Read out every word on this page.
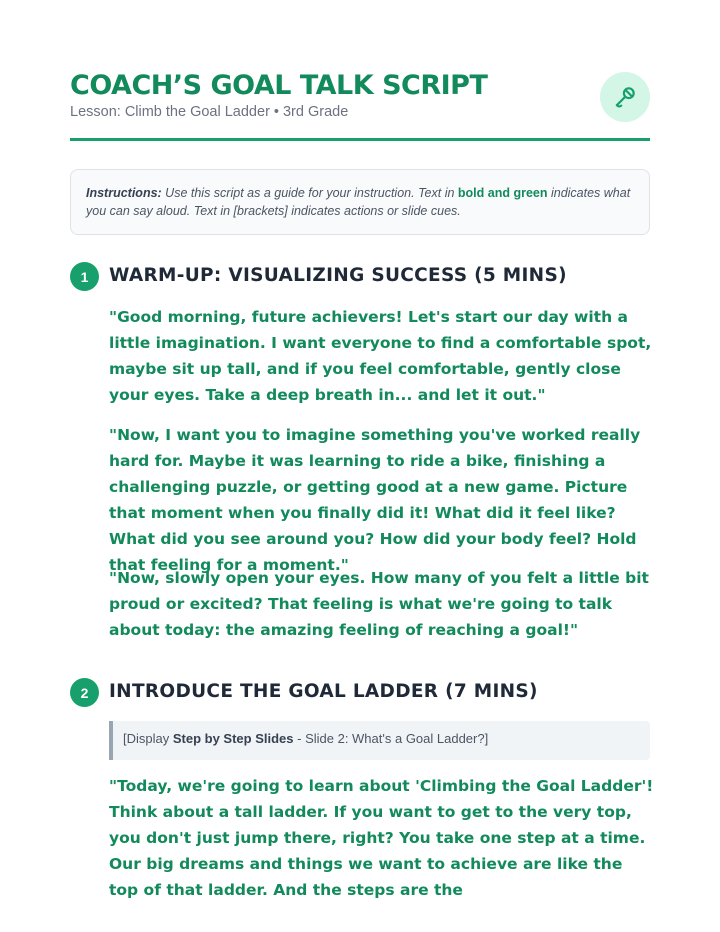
COACH’S GOAL TALK SCRIPT
Lesson: Climb the Goal Ladder • 3rd Grade
Instructions: Use this script as a guide for your instruction. Text in bold and green indicates what you can say aloud. Text in [brackets] indicates actions or slide cues.
1	WARM-UP: VISUALIZING SUCCESS (5 MINS)

"Good morning, future achievers! Let's start our day with a little imagination. I want everyone to find a comfortable spot, maybe sit up tall, and if you feel comfortable, gently close your eyes. Take a deep breath in... and let it out."

"Now, I want you to imagine something you've worked really hard for. Maybe it was learning to ride a bike, finishing a challenging puzzle, or getting good at a new game. Picture that moment when you finally did it! What did it feel like? What did you see around you? How did your body feel? Hold that feeling for a moment."

"Now, slowly open your eyes. How many of you felt a little bit proud or excited? That feeling is what we're going to talk about today: the amazing feeling of reaching a goal!"

2	INTRODUCE THE GOAL LADDER (7 MINS)
[Display Step by Step Slides - Slide 2: What's a Goal Ladder?]

"Today, we're going to learn about 'Climbing the Goal Ladder'! Think about a tall ladder. If you want to get to the very top, you don't just jump there, right? You take one step at a time. Our big dreams and things we want to achieve are like the top of that ladder. And the steps are the
